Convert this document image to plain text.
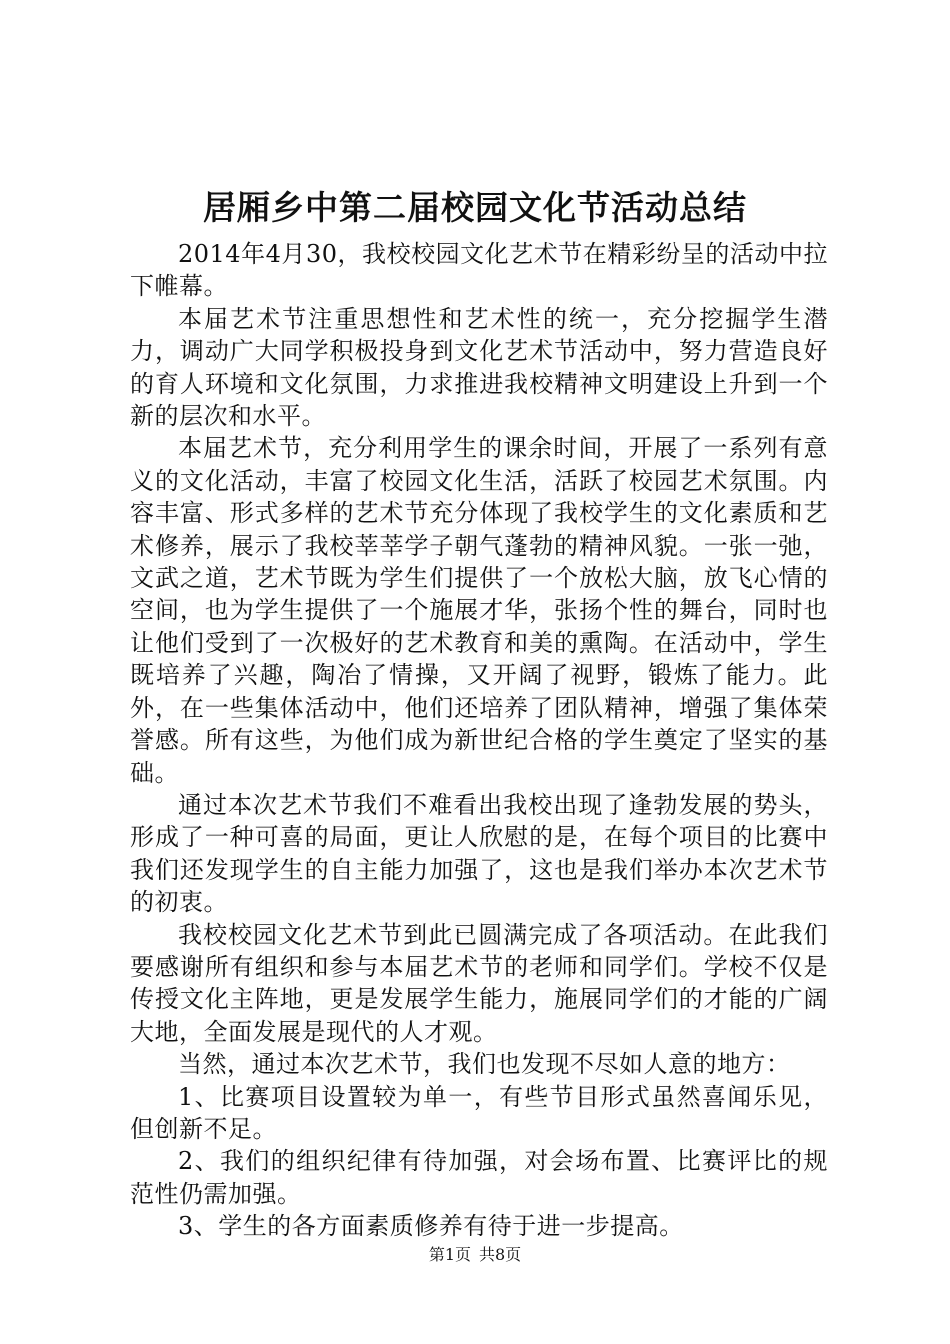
居厢乡中第二届校园文化节活动总结

2014年4月30，我校校园文化艺术节在精彩纷呈的活动中拉下帷幕。

本届艺术节注重思想性和艺术性的统一，充分挖掘学生潜力，调动广大同学积极投身到文化艺术节活动中，努力营造良好的育人环境和文化氛围，力求推进我校精神文明建设上升到一个新的层次和水平。

本届艺术节，充分利用学生的课余时间，开展了一系列有意义的文化活动，丰富了校园文化生活，活跃了校园艺术氛围。内容丰富、形式多样的艺术节充分体现了我校学生的文化素质和艺术修养，展示了我校莘莘学子朝气蓬勃的精神风貌。一张一弛，文武之道，艺术节既为学生们提供了一个放松大脑，放飞心情的空间，也为学生提供了一个施展才华，张扬个性的舞台，同时也让他们受到了一次极好的艺术教育和美的熏陶。在活动中，学生既培养了兴趣，陶冶了情操，又开阔了视野，锻炼了能力。此外，在一些集体活动中，他们还培养了团队精神，增强了集体荣誉感。所有这些，为他们成为新世纪合格的学生奠定了坚实的基础。

通过本次艺术节我们不难看出我校出现了逢勃发展的势头，形成了一种可喜的局面，更让人欣慰的是，在每个项目的比赛中我们还发现学生的自主能力加强了，这也是我们举办本次艺术节的初衷。

我校校园文化艺术节到此已圆满完成了各项活动。在此我们要感谢所有组织和参与本届艺术节的老师和同学们。学校不仅是传授文化主阵地，更是发展学生能力，施展同学们的才能的广阔大地，全面发展是现代的人才观。

当然，通过本次艺术节，我们也发现不尽如人意的地方：

1、比赛项目设置较为单一，有些节目形式虽然喜闻乐见，但创新不足。

2、我们的组织纪律有待加强，对会场布置、比赛评比的规范性仍需加强。

3、学生的各方面素质修养有待于进一步提高。

第1页 共8页
